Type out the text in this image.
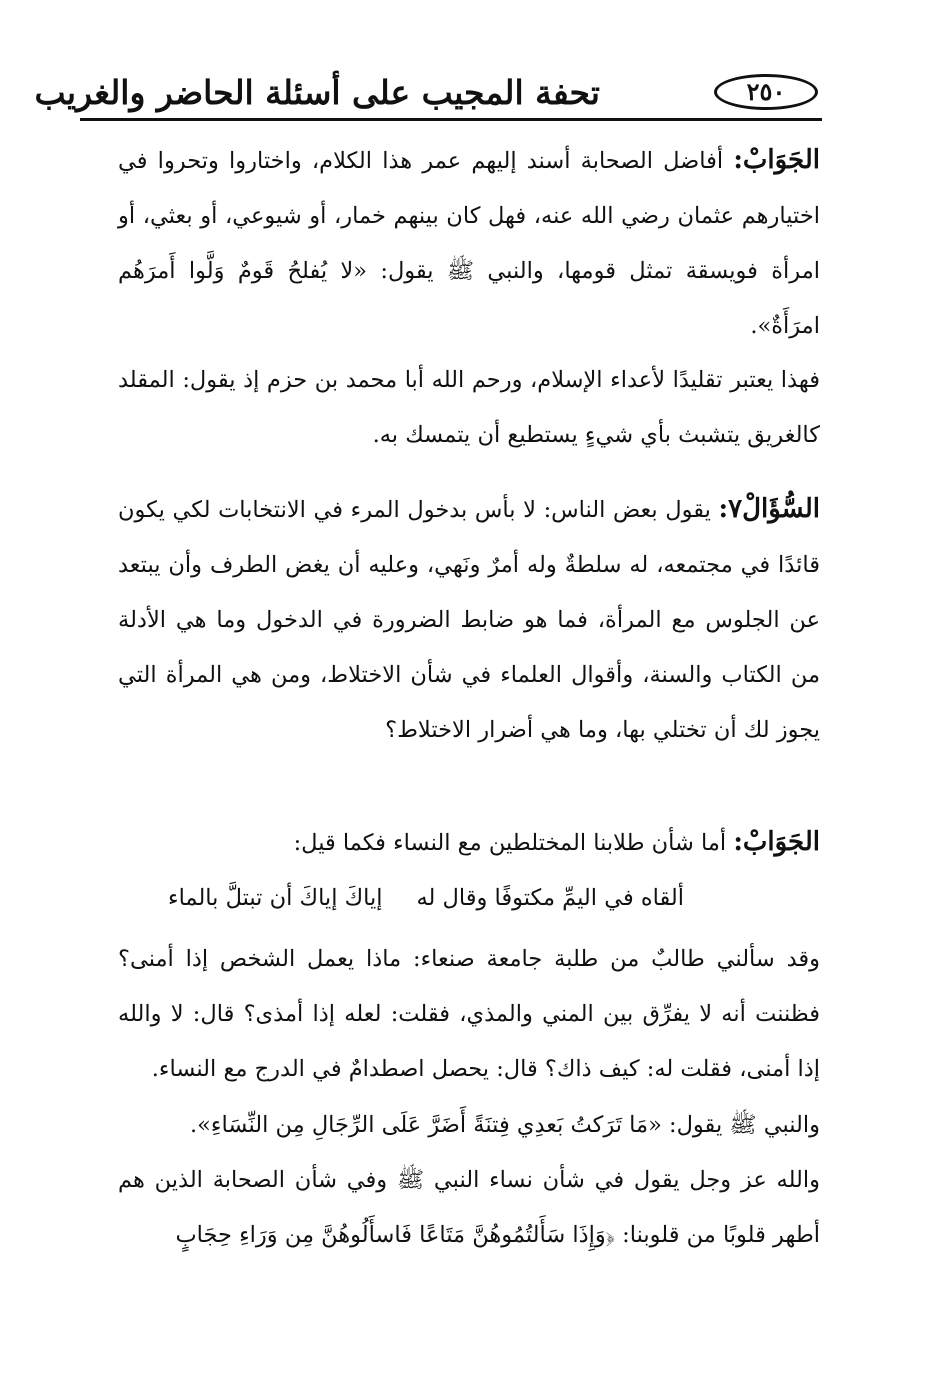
تحفة المجيب على أسئلة الحاضر والغريب	٢٥٠
الجَوَابْ: أفاضل الصحابة أسند إليهم عمر هذا الكلام، واختاروا وتحروا في اختيارهم عثمان رضي الله عنه، فهل كان بينهم خمار، أو شيوعي، أو بعثي، أو امرأة فويسقة تمثل قومها، والنبي ﷺ يقول: «لا يُفلحُ قَومٌ وَلَّوا أَمرَهُم امرَأَةٌ».
فهذا يعتبر تقليدًا لأعداء الإسلام، ورحم الله أبا محمد بن حزم إذ يقول: المقلد كالغريق يتشبث بأي شيءٍ يستطيع أن يتمسك به.
السُّؤَالْ٧: يقول بعض الناس: لا بأس بدخول المرء في الانتخابات لكي يكون قائدًا في مجتمعه، له سلطةٌ وله أمرٌ ونَهي، وعليه أن يغض الطرف وأن يبتعد عن الجلوس مع المرأة، فما هو ضابط الضرورة في الدخول وما هي الأدلة من الكتاب والسنة، وأقوال العلماء في شأن الاختلاط، ومن هي المرأة التي يجوز لك أن تختلي بها، وما هي أضرار الاختلاط؟
الجَوَابْ: أما شأن طلابنا المختلطين مع النساء فكما قيل:
ألقاه في اليمِّ مكتوفًا وقال له
إياكَ إياكَ أن تبتلَّ بالماء
وقد سألني طالبٌ من طلبة جامعة صنعاء: ماذا يعمل الشخص إذا أمنى؟ فظننت أنه لا يفرِّق بين المني والمذي، فقلت: لعله إذا أمذى؟ قال: لا والله إذا أمنى، فقلت له: كيف ذاك؟ قال: يحصل اصطدامٌ في الدرج مع النساء.
والنبي ﷺ يقول: «مَا تَرَكتُ بَعدِي فِتنَةً أَضَرَّ عَلَى الرِّجَالِ مِن النِّسَاءِ».
والله عز وجل يقول في شأن نساء النبي ﷺ وفي شأن الصحابة الذين هم أطهر قلوبًا من قلوبنا: ﴿وَإِذَا سَأَلتُمُوهُنَّ مَتَاعًا فَاسأَلُوهُنَّ مِن وَرَاءِ حِجَابٍ
